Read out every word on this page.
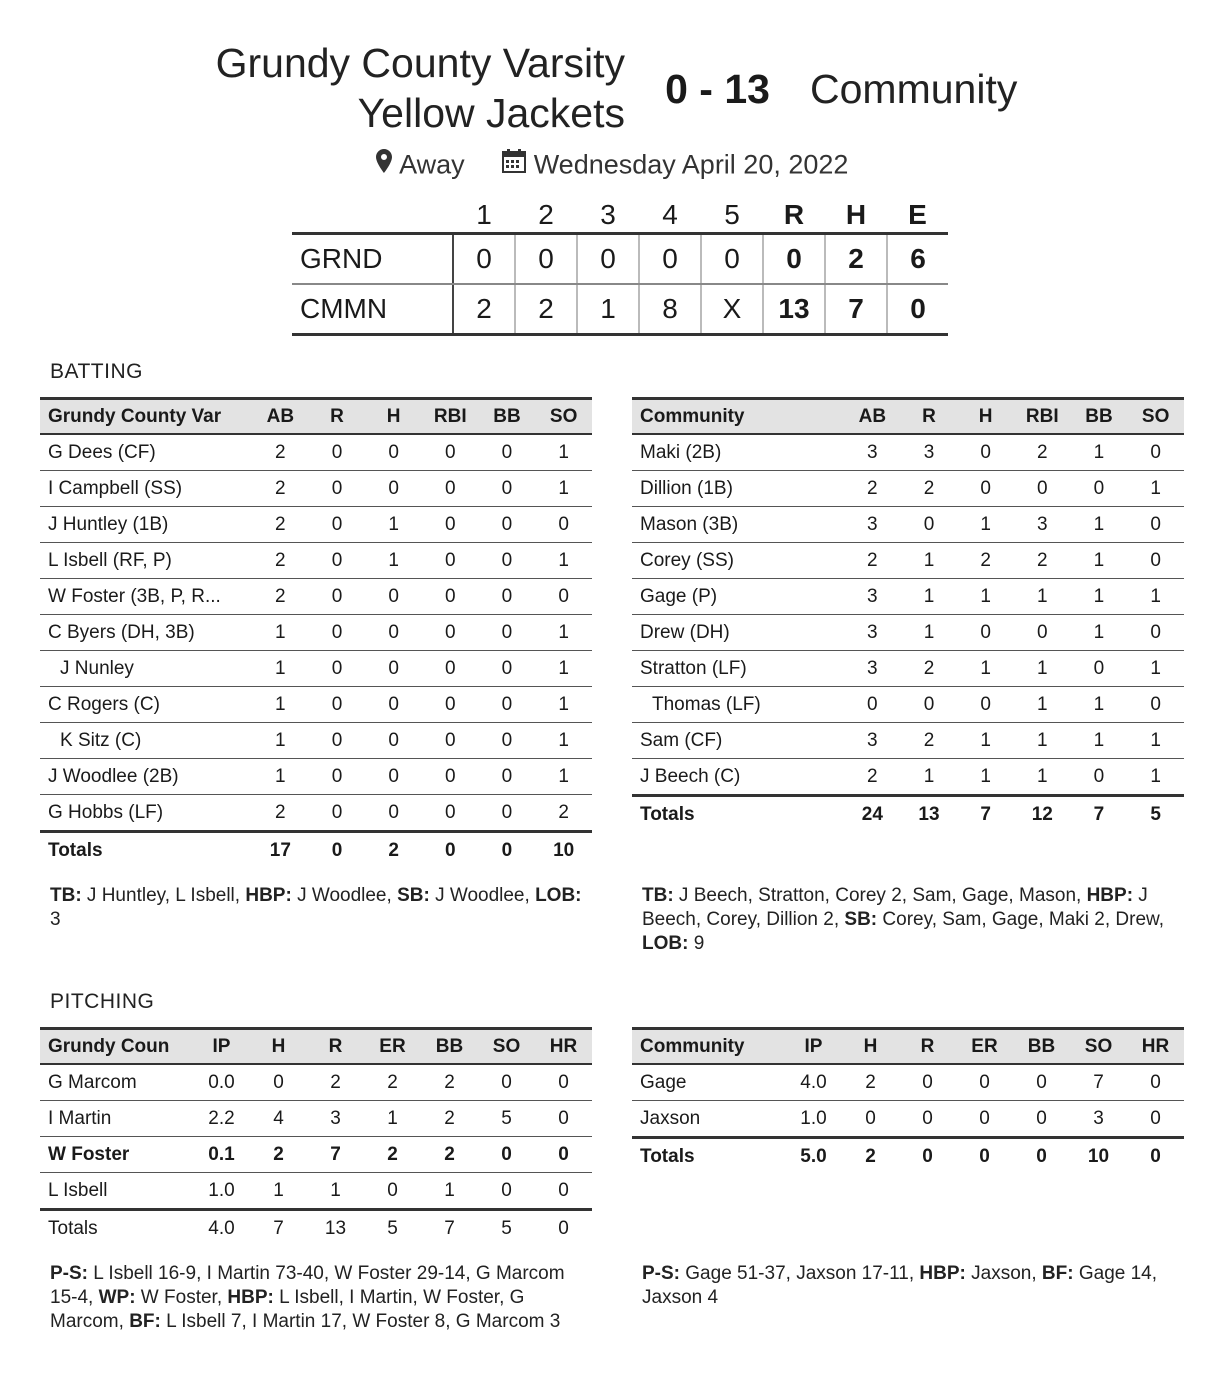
Grundy County Varsity
Yellow Jackets
0 - 13 Community
Away	Wednesday April 20, 2022
	1	2	3	4	5	R	H	E
GRND	0	0	0	0	0	0	2	6
CMMN	2	2	1	8	X	13	7	0
BATTING
PITCHING
Grundy County Var	AB	R	H	RBI	BB	SO
G Dees (CF)	2	0	0	0	0	1
I Campbell (SS)	2	0	0	0	0	1
J Huntley (1B)	2	0	1	0	0	0
L Isbell (RF, P)	2	0	1	0	0	1
W Foster (3B, P, R...	2	0	0	0	0	0
C Byers (DH, 3B)	1	0	0	0	0	1
J Nunley	1	0	0	0	0	1
C Rogers (C)	1	0	0	0	0	1
K Sitz (C)	1	0	0	0	0	1
J Woodlee (2B)	1	0	0	0	0	1
G Hobbs (LF)	2	0	0	0	0	2
Totals	17	0	2	0	0	10
Community	AB	R	H	RBI	BB	SO
Maki (2B)	3	3	0	2	1	0
Dillion (1B)	2	2	0	0	0	1
Mason (3B)	3	0	1	3	1	0
Corey (SS)	2	1	2	2	1	0
Gage (P)	3	1	1	1	1	1
Drew (DH)	3	1	0	0	1	0
Stratton (LF)	3	2	1	1	0	1
Thomas (LF)	0	0	0	1	1	0
Sam (CF)	3	2	1	1	1	1
J Beech (C)	2	1	1	1	0	1
Totals	24	13	7	12	7	5
Grundy Coun	IP	H	R	ER	BB	SO	HR
G Marcom	0.0	0	2	2	2	0	0
I Martin	2.2	4	3	1	2	5	0
W Foster	0.1	2	7	2	2	0	0
L Isbell	1.0	1	1	0	1	0	0
Totals	4.0	7	13	5	7	5	0
Community	IP	H	R	ER	BB	SO	HR
Gage	4.0	2	0	0	0	7	0
Jaxson	1.0	0	0	0	0	3	0
Totals	5.0	2	0	0	0	10	0
TB: J Huntley, L Isbell, HBP: J Woodlee, SB: J Woodlee, LOB: 3
TB: J Beech, Stratton, Corey 2, Sam, Gage, Mason, HBP: J Beech, Corey, Dillion 2, SB: Corey, Sam, Gage, Maki 2, Drew, LOB: 9
P-S: L Isbell 16-9, I Martin 73-40, W Foster 29-14, G Marcom 15-4, WP: W Foster, HBP: L Isbell, I Martin, W Foster, G Marcom, BF: L Isbell 7, I Martin 17, W Foster 8, G Marcom 3
P-S: Gage 51-37, Jaxson 17-11, HBP: Jaxson, BF: Gage 14, Jaxson 4
